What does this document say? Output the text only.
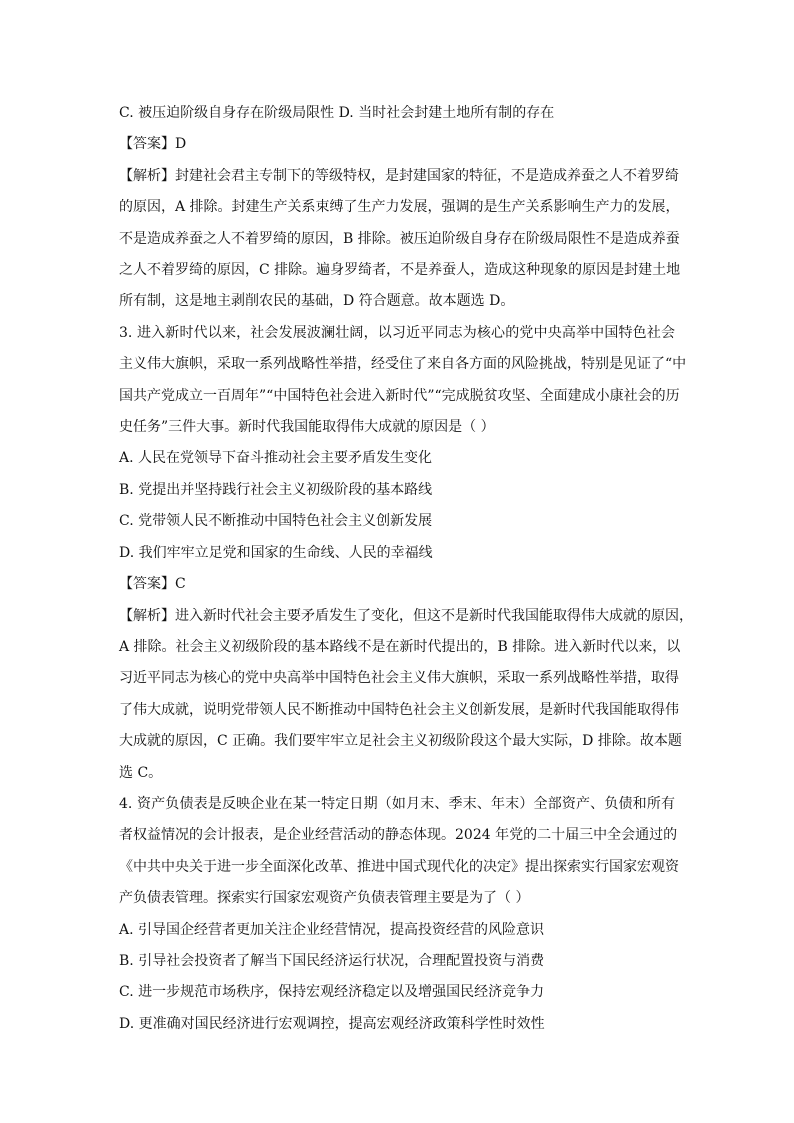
C. 被压迫阶级自身存在阶级局限性 D. 当时社会封建土地所有制的存在
【答案】D
【解析】封建社会君主专制下的等级特权，是封建国家的特征，不是造成养蚕之人不着罗绮
的原因，A 排除。封建生产关系束缚了生产力发展，强调的是生产关系影响生产力的发展，
不是造成养蚕之人不着罗绮的原因，B 排除。被压迫阶级自身存在阶级局限性不是造成养蚕
之人不着罗绮的原因，C 排除。遍身罗绮者，不是养蚕人，造成这种现象的原因是封建土地
所有制，这是地主剥削农民的基础，D 符合题意。故本题选 D。
3. 进入新时代以来，社会发展波澜壮阔，以习近平同志为核心的党中央高举中国特色社会
主义伟大旗帜，采取一系列战略性举措，经受住了来自各方面的风险挑战，特别是见证了“中
国共产党成立一百周年”“中国特色社会进入新时代”“完成脱贫攻坚、全面建成小康社会的历
史任务”三件大事。新时代我国能取得伟大成就的原因是（ ）
A. 人民在党领导下奋斗推动社会主要矛盾发生变化
B. 党提出并坚持践行社会主义初级阶段的基本路线
C. 党带领人民不断推动中国特色社会主义创新发展
D. 我们牢牢立足党和国家的生命线、人民的幸福线
【答案】C
【解析】进入新时代社会主要矛盾发生了变化，但这不是新时代我国能取得伟大成就的原因，
A 排除。社会主义初级阶段的基本路线不是在新时代提出的，B 排除。进入新时代以来，以
习近平同志为核心的党中央高举中国特色社会主义伟大旗帜，采取一系列战略性举措，取得
了伟大成就，说明党带领人民不断推动中国特色社会主义创新发展，是新时代我国能取得伟
大成就的原因，C 正确。我们要牢牢立足社会主义初级阶段这个最大实际，D 排除。故本题
选 C。
4. 资产负债表是反映企业在某一特定日期（如月末、季末、年末）全部资产、负债和所有
者权益情况的会计报表，是企业经营活动的静态体现。2024 年党的二十届三中全会通过的
《中共中央关于进一步全面深化改革、推进中国式现代化的决定》提出探索实行国家宏观资
产负债表管理。探索实行国家宏观资产负债表管理主要是为了（ ）
A. 引导国企经营者更加关注企业经营情况，提高投资经营的风险意识
B. 引导社会投资者了解当下国民经济运行状况，合理配置投资与消费
C. 进一步规范市场秩序，保持宏观经济稳定以及增强国民经济竞争力
D. 更准确对国民经济进行宏观调控，提高宏观经济政策科学性时效性
